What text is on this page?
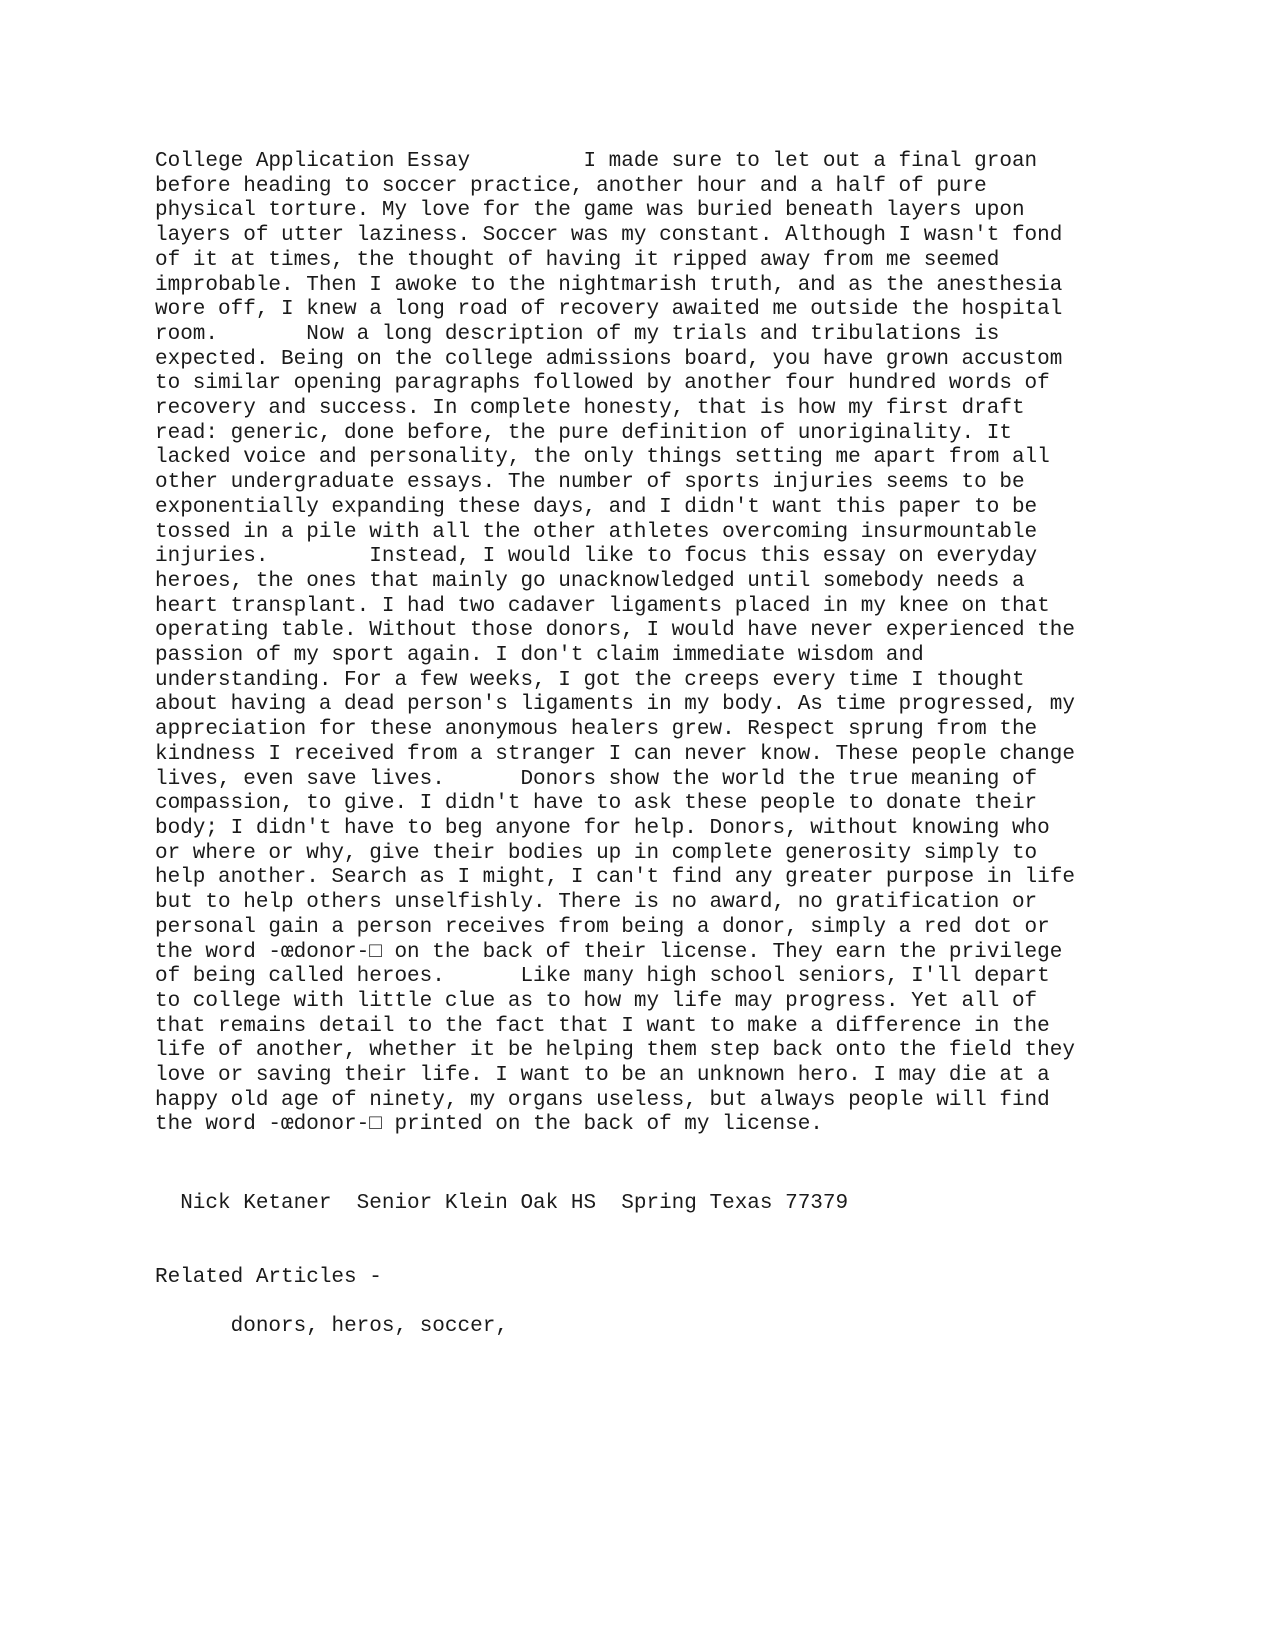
College Application Essay         I made sure to let out a final groan
before heading to soccer practice, another hour and a half of pure
physical torture. My love for the game was buried beneath layers upon
layers of utter laziness. Soccer was my constant. Although I wasn't fond
of it at times, the thought of having it ripped away from me seemed
improbable. Then I awoke to the nightmarish truth, and as the anesthesia
wore off, I knew a long road of recovery awaited me outside the hospital
room.       Now a long description of my trials and tribulations is
expected. Being on the college admissions board, you have grown accustom
to similar opening paragraphs followed by another four hundred words of
recovery and success. In complete honesty, that is how my first draft
read: generic, done before, the pure definition of unoriginality. It
lacked voice and personality, the only things setting me apart from all
other undergraduate essays. The number of sports injuries seems to be
exponentially expanding these days, and I didn't want this paper to be
tossed in a pile with all the other athletes overcoming insurmountable
injuries.        Instead, I would like to focus this essay on everyday
heroes, the ones that mainly go unacknowledged until somebody needs a
heart transplant. I had two cadaver ligaments placed in my knee on that
operating table. Without those donors, I would have never experienced the
passion of my sport again. I don't claim immediate wisdom and
understanding. For a few weeks, I got the creeps every time I thought
about having a dead person's ligaments in my body. As time progressed, my
appreciation for these anonymous healers grew. Respect sprung from the
kindness I received from a stranger I can never know. These people change
lives, even save lives.      Donors show the world the true meaning of
compassion, to give. I didn't have to ask these people to donate their
body; I didn't have to beg anyone for help. Donors, without knowing who
or where or why, give their bodies up in complete generosity simply to
help another. Search as I might, I can't find any greater purpose in life
but to help others unselfishly. There is no award, no gratification or
personal gain a person receives from being a donor, simply a red dot or
the word -œdonor-□ on the back of their license. They earn the privilege
of being called heroes.      Like many high school seniors, I'll depart
to college with little clue as to how my life may progress. Yet all of
that remains detail to the fact that I want to make a difference in the
life of another, whether it be helping them step back onto the field they
love or saving their life. I want to be an unknown hero. I may die at a
happy old age of ninety, my organs useless, but always people will find
the word -œdonor-□ printed on the back of my license.
Nick Ketaner  Senior Klein Oak HS  Spring Texas 77379
Related Articles -

donors, heros, soccer,
